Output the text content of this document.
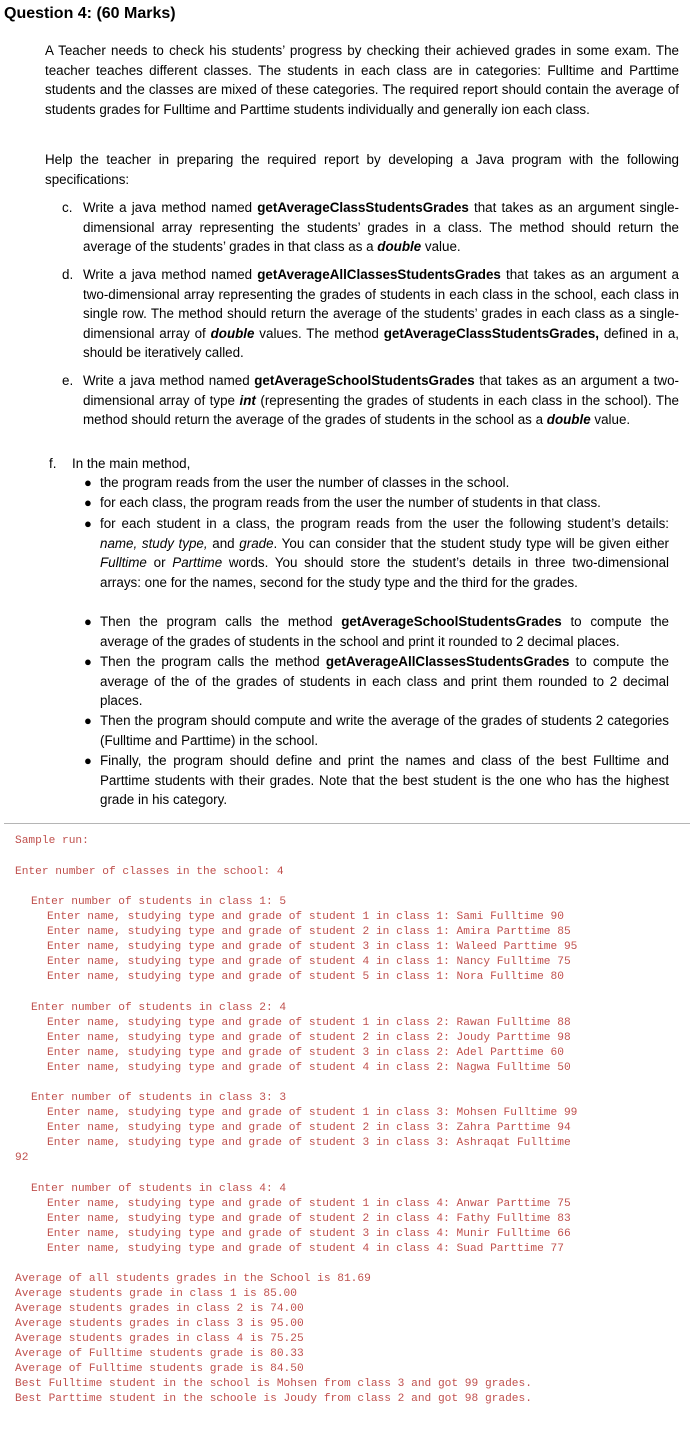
Question 4: (60 Marks)
A Teacher needs to check his students’ progress by checking their achieved grades in some exam. The teacher teaches different classes. The students in each class are in categories: Fulltime and Parttime students and the classes are mixed of these categories. The required report should contain the average of students grades for Fulltime and Parttime students individually and generally ion each class.
Help the teacher in preparing the required report by developing a Java program with the following specifications:
c. Write a java method named getAverageClassStudentsGrades that takes as an argument single-dimensional array representing the students’ grades in a class. The method should return the average of the students’ grades in that class as a double value.
d. Write a java method named getAverageAllClassesStudentsGrades that takes as an argument a two-dimensional array representing the grades of students in each class in the school, each class in single row. The method should return the average of the students’ grades in each class as a single-dimensional array of double values. The method getAverageClassStudentsGrades, defined in a, should be iteratively called.
e. Write a java method named getAverageSchoolStudentsGrades that takes as an argument a two-dimensional array of type int (representing the grades of students in each class in the school). The method should return the average of the grades of students in the school as a double value.
f. In the main method,
● the program reads from the user the number of classes in the school.
● for each class, the program reads from the user the number of students in that class.
● for each student in a class, the program reads from the user the following student’s details: name, study type, and grade. You can consider that the student study type will be given either Fulltime or Parttime words. You should store the student’s details in three two-dimensional arrays: one for the names, second for the study type and the third for the grades.
● Then the program calls the method getAverageSchoolStudentsGrades to compute the average of the grades of students in the school and print it rounded to 2 decimal places.
● Then the program calls the method getAverageAllClassesStudentsGrades to compute the average of the of the grades of students in each class and print them rounded to 2 decimal places.
● Then the program should compute and write the average of the grades of students 2 categories (Fulltime and Parttime) in the school.
● Finally, the program should define and print the names and class of the best Fulltime and Parttime students with their grades. Note that the best student is the one who has the highest grade in his category.
Sample run:
Enter number of classes in the school: 4
Enter number of students in class 1: 5
Enter name, studying type and grade of student 1 in class 1: Sami Fulltime 90
Enter name, studying type and grade of student 2 in class 1: Amira Parttime 85
Enter name, studying type and grade of student 3 in class 1: Waleed Parttime 95
Enter name, studying type and grade of student 4 in class 1: Nancy Fulltime 75
Enter name, studying type and grade of student 5 in class 1: Nora Fulltime 80
Enter number of students in class 2: 4
Enter name, studying type and grade of student 1 in class 2: Rawan Fulltime 88
Enter name, studying type and grade of student 2 in class 2: Joudy Parttime 98
Enter name, studying type and grade of student 3 in class 2: Adel Parttime 60
Enter name, studying type and grade of student 4 in class 2: Nagwa Fulltime 50
Enter number of students in class 3: 3
Enter name, studying type and grade of student 1 in class 3: Mohsen Fulltime 99
Enter name, studying type and grade of student 2 in class 3: Zahra Parttime 94
Enter name, studying type and grade of student 3 in class 3: Ashraqat Fulltime
92
Enter number of students in class 4: 4
Enter name, studying type and grade of student 1 in class 4: Anwar Parttime 75
Enter name, studying type and grade of student 2 in class 4: Fathy Fulltime 83
Enter name, studying type and grade of student 3 in class 4: Munir Fulltime 66
Enter name, studying type and grade of student 4 in class 4: Suad Parttime 77
Average of all students grades in the School is 81.69
Average students grade in class 1 is 85.00
Average students grades in class 2 is 74.00
Average students grades in class 3 is 95.00
Average students grades in class 4 is 75.25
Average of Fulltime students grade is 80.33
Average of Fulltime students grade is 84.50
Best Fulltime student in the school is Mohsen from class 3 and got 99 grades.
Best Parttime student in the schoole is Joudy from class 2 and got 98 grades.
